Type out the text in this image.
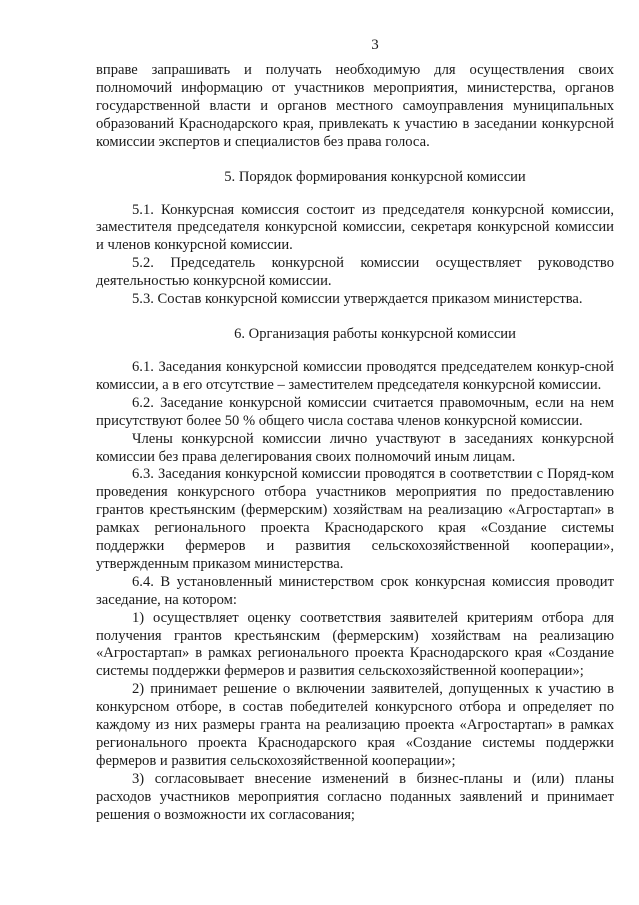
3

вправе запрашивать и получать необходимую для осуществления своих полномочий информацию от участников мероприятия, министерства, органов государственной власти и органов местного самоуправления муниципальных образований Краснодарского края, привлекать к участию в заседании конкурсной комиссии экспертов и специалистов без права голоса.

5. Порядок формирования конкурсной комиссии

5.1. Конкурсная комиссия состоит из председателя конкурсной комиссии, заместителя председателя конкурсной комиссии, секретаря конкурсной комиссии и членов конкурсной комиссии.

5.2. Председатель конкурсной комиссии осуществляет руководство деятельностью конкурсной комиссии.

5.3. Состав конкурсной комиссии утверждается приказом министерства.

6. Организация работы конкурсной комиссии

6.1. Заседания конкурсной комиссии проводятся председателем конкур-сной комиссии, а в его отсутствие – заместителем председателя конкурсной комиссии.

6.2. Заседание конкурсной комиссии считается правомочным, если на нем присутствуют более 50 % общего числа состава членов конкурсной комиссии.

Члены конкурсной комиссии лично участвуют в заседаниях конкурсной комиссии без права делегирования своих полномочий иным лицам.

6.3. Заседания конкурсной комиссии проводятся в соответствии с Поряд-ком проведения конкурсного отбора участников мероприятия по предоставлению грантов крестьянским (фермерским) хозяйствам на реализацию «Агростартап» в рамках регионального проекта Краснодарского края «Создание системы поддержки фермеров и развития сельскохозяйственной кооперации», утвержденным приказом министерства.

6.4. В установленный министерством срок конкурсная комиссия проводит заседание, на котором:

1) осуществляет оценку соответствия заявителей критериям отбора для получения грантов крестьянским (фермерским) хозяйствам на реализацию «Агростартап» в рамках регионального проекта Краснодарского края «Создание системы поддержки фермеров и развития сельскохозяйственной кооперации»;

2) принимает решение о включении заявителей, допущенных к участию в конкурсном отборе, в состав победителей конкурсного отбора и определяет по каждому из них размеры гранта на реализацию проекта «Агростартап» в рамках регионального проекта Краснодарского края «Создание системы поддержки фермеров и развития сельскохозяйственной кооперации»;

3) согласовывает внесение изменений в бизнес-планы и (или) планы расходов участников мероприятия согласно поданных заявлений и принимает решения о возможности их согласования;
